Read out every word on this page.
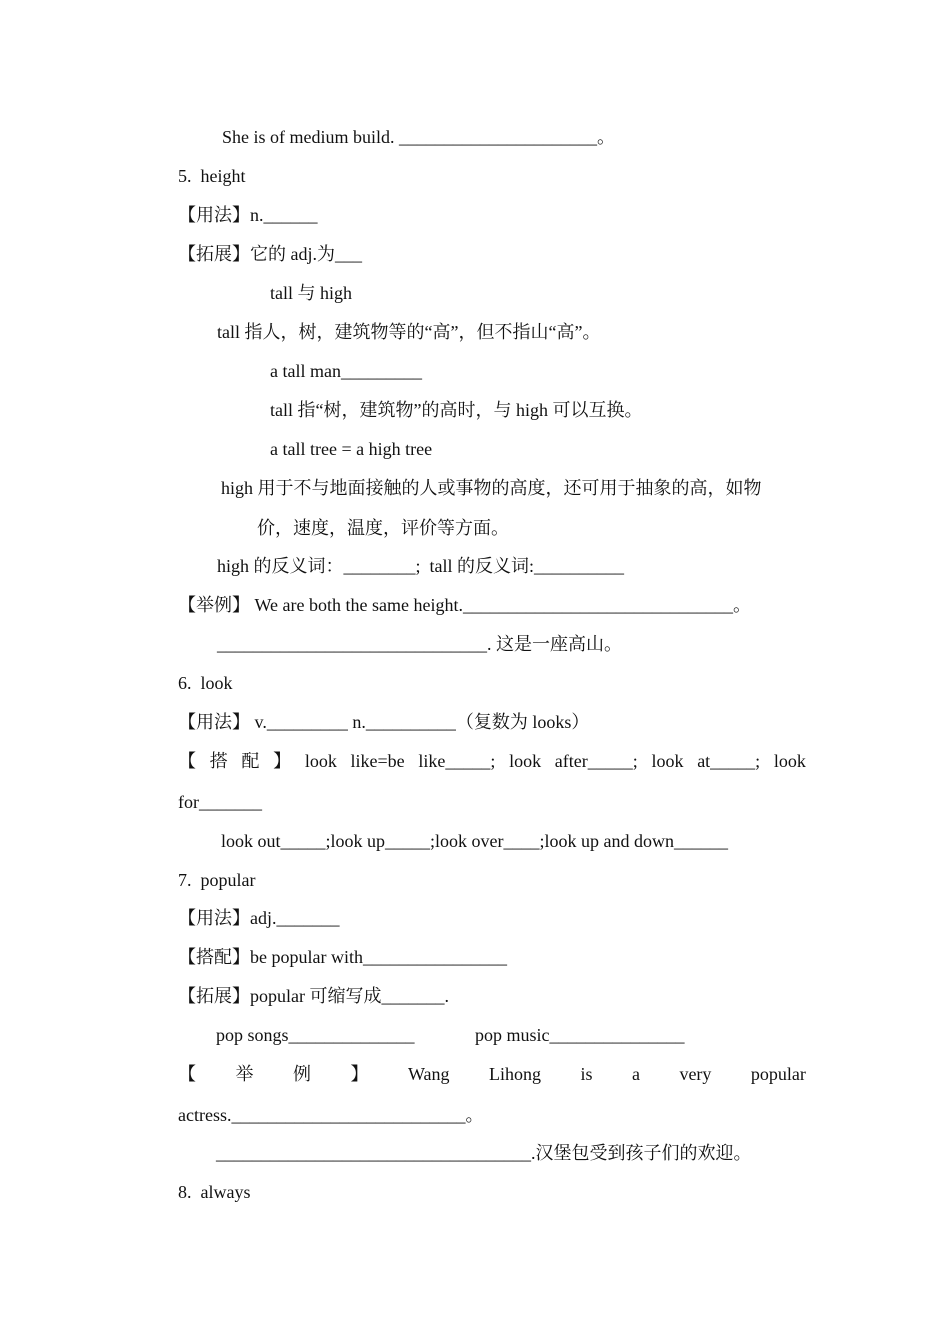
She is of medium build. ______________________。
5.  height
【用法】n.______
【拓展】它的 adj.为___
tall 与 high
tall 指人，树，建筑物等的“高”，但不指山“高”。
a tall man_________
tall 指“树，建筑物”的高时，与 high 可以互换。
a tall tree = a high tree
high 用于不与地面接触的人或事物的高度，还可用于抽象的高，如物
价，速度，温度，评价等方面。
high 的反义词：________;  tall 的反义词:__________
【举例】 We are both the same height.______________________________。
______________________________. 这是一座高山。
6.  look
【用法】 v._________ n.__________（复数为 looks）
【 搭 配 】 look like=be like_____; look after_____; look at_____; look
for_______
look out_____;look up_____;look over____;look up and down______
7.  popular
【用法】adj._______
【搭配】be popular with________________
【拓展】popular 可缩写成_______.
pop songs______________	pop music_______________
【 举 例 】 Wang Lihong is a very popular
actress.__________________________。
___________________________________.汉堡包受到孩子们的欢迎。
8.  always
